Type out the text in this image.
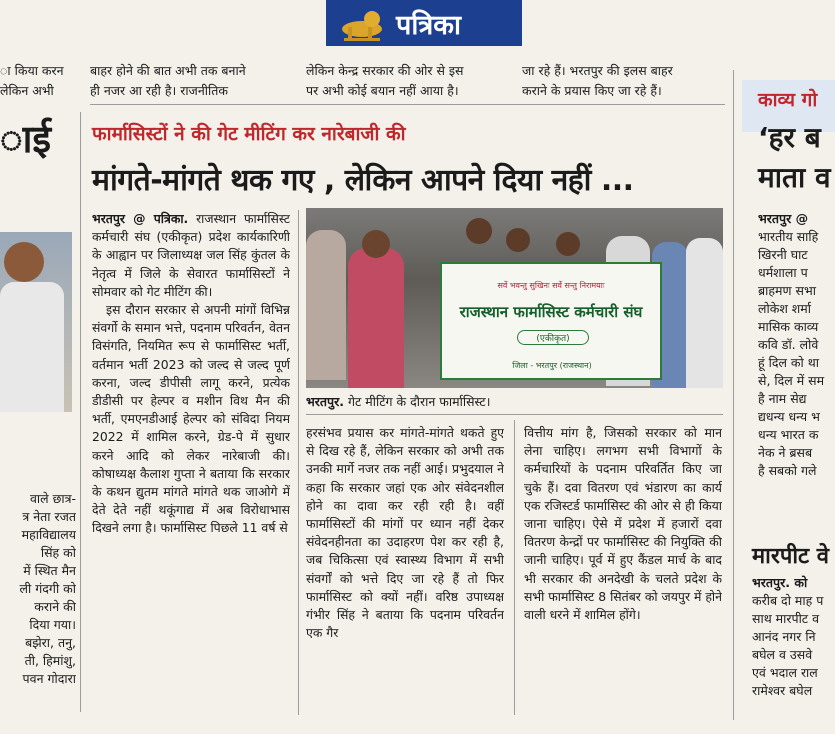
पत्रिका
ा किया करन
लेकिन अभी
बाहर होने की बात अभी तक बनाने
ही नजर आ रही है। राजनीतिक
लेकिन केन्द्र सरकार की ओर से इस
पर अभी कोई बयान नहीं आया है।
जा रहे हैं। भरतपुर की इलस बाहर
कराने के प्रयास किए जा रहे हैं।
ाई
वाले छात्र-
त्र नेता रजत
महाविद्यालय
सिंह को
में स्थित मैन
ली गंदगी को
कराने की
दिया गया।
बझेरा, तनु,
ती, हिमांशु,
पवन गोदारा
फार्मासिस्टों ने की गेट मीटिंग कर नारेबाजी की
मांगते-मांगते थक गए , लेकिन आपने दिया नहीं ...

भरतपुर @ पत्रिका. राजस्थान फार्मासिस्ट कर्मचारी संघ (एकीकृत) प्रदेश कार्यकारिणी के आह्वान पर जिलाध्यक्ष जल सिंह कुंतल के नेतृत्व में जिले के सेवारत फार्मासिस्टों ने सोमवार को गेट मीटिंग की।

इस दौरान सरकार से अपनी मांगों विभिन्न संवर्गो के समान भत्ते, पदनाम परिवर्तन, वेतन विसंगति, नियमित रूप से फार्मासिस्ट भर्ती, वर्तमान भर्ती 2023 को जल्द से जल्द पूर्ण करना, जल्द डीपीसी लागू करने, प्रत्येक डीडीसी पर हेल्पर व मशीन विथ मैन की भर्ती, एमएनडीआई हेल्पर को संविदा नियम 2022 में शामिल करने, ग्रेड-पे में सुधार करने आदि को लेकर नारेबाजी की। कोषाध्यक्ष कैलाश गुप्ता ने बताया कि सरकार के कथन द्युतम मांगते मांगते थक जाओगे में देते देते नहीं थकूंगाद्य में अब विरोधाभास दिखने लगा है। फार्मासिस्ट पिछले 11 वर्ष से

सर्वे भवन्तु सुखिनः सर्वे सन्तु निरामयाः
राजस्थान फार्मासिस्ट कर्मचारी संघ
(एकीकृत)
जिला - भरतपुर (राजस्थान)
भरतपुर. गेट मीटिंग के दौरान फार्मासिस्ट।

हरसंभव प्रयास कर मांगते-मांगते थकते हुए से दिख रहे हैं, लेकिन सरकार को अभी तक उनकी मार्गे नजर तक नहीं आई। प्रभुदयाल ने कहा कि सरकार जहां एक ओर संवेदनशील होने का दावा कर रही रही है। वहीं फार्मासिस्टों की मांगों पर ध्यान नहीं देकर संवेदनहीनता का उदाहरण पेश कर रही है, जब चिकित्सा एवं स्वास्थ्य विभाग में सभी संवर्गों को भत्ते दिए जा रहे हैं तो फिर फार्मासिस्ट को क्यों नहीं। वरिष्ठ उपाध्यक्ष गंभीर सिंह ने बताया कि पदनाम परिवर्तन एक गैर

वित्तीय मांग है, जिसको सरकार को मान लेना चाहिए। लगभग सभी विभागों के कर्मचारियों के पदनाम परिवर्तित किए जा चुके हैं। दवा वितरण एवं भंडारण का कार्य एक रजिस्टर्ड फार्मासिस्ट की ओर से ही किया जाना चाहिए। ऐसे में प्रदेश में हजारों दवा वितरण केन्द्रों पर फार्मासिस्ट की नियुक्ति की जानी चाहिए। पूर्व में हुए कैंडल मार्च के बाद भी सरकार की अनदेखी के चलते प्रदेश के सभी फार्मासिस्ट 8 सितंबर को जयपुर में होने वाली धरने में शामिल होंगे।

काव्य गो
‘हर ब
माता व
भरतपुर @
भारतीय साहि
खिरनी घाट
धर्मशाला प
ब्राहमण सभा
लोकेश शर्मा
मासिक काव्य
कवि डॉ. लोवे
हूं दिल को था
से, दिल में सम
है नाम सेद्य
द्यधन्य धन्य भ
धन्य भारत क
नेक ने ब्रसब
है सबको गले
मारपीट वे
भरतपुर. को
करीब दो माह प
साथ मारपीट व
आनंद नगर नि
बघेल व उसवे
एवं भदाल राल
रामेश्वर बघेल
